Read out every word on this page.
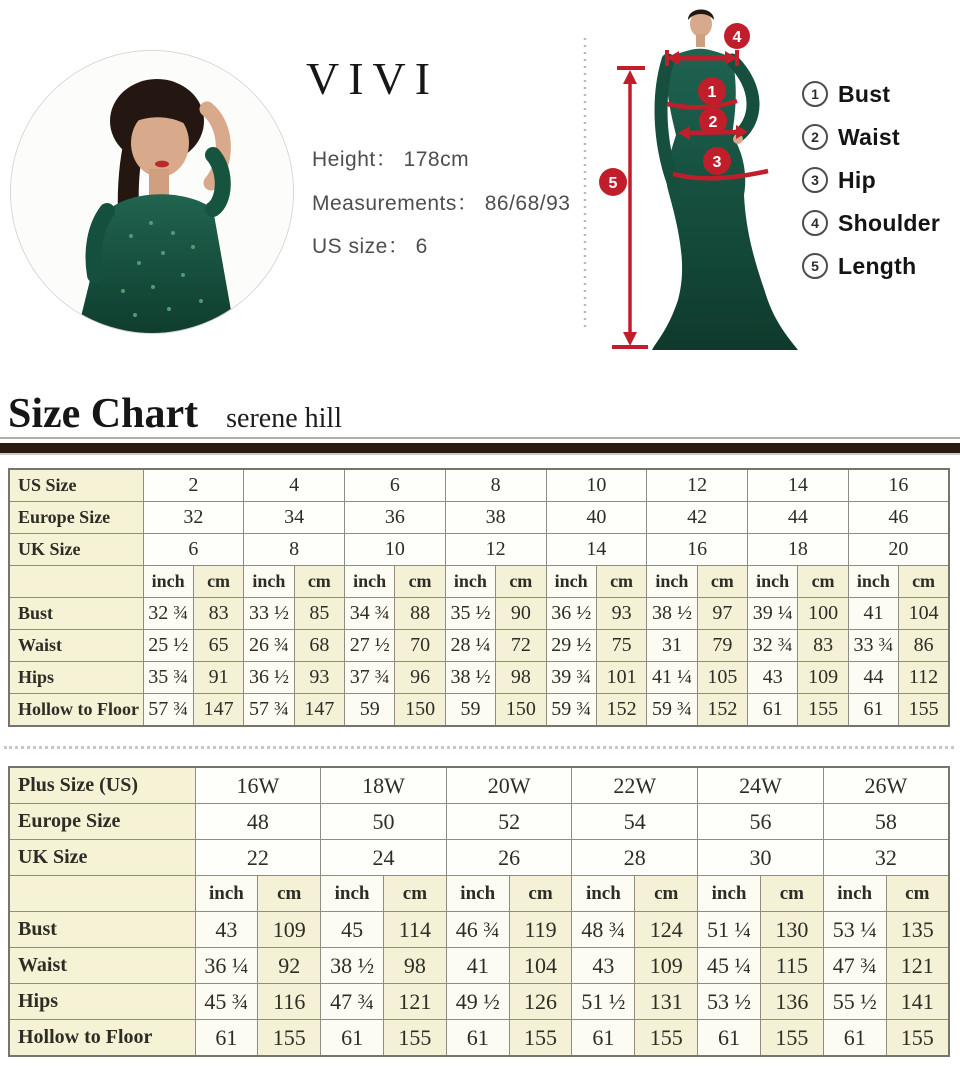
VIVI
Height： 178cm
Measurements： 86/68/93
US size： 6
1
2
3
4
5
1 Bust
2 Waist
3 Hip
4 Shoulder
5 Length
Size Chart serene hill
US Size	2		4		6		8		10		12		14		16	
Europe Size	32		34		36		38		40		42		44		46	
UK Size	6		8		10		12		14		16		18		20	
	inch	cm	inch	cm	inch	cm	inch	cm	inch	cm	inch	cm	inch	cm	inch	cm
Bust	32 ¾	83	33 ½	85	34 ¾	88	35 ½	90	36 ½	93	38 ½	97	39 ¼	100	41	104
Waist	25 ½	65	26 ¾	68	27 ½	70	28 ¼	72	29 ½	75	31	79	32 ¾	83	33 ¾	86
Hips	35 ¾	91	36 ½	93	37 ¾	96	38 ½	98	39 ¾	101	41 ¼	105	43	109	44	112
Hollow to Floor	57 ¾	147	57 ¾	147	59	150	59	150	59 ¾	152	59 ¾	152	61	155	61	155
Plus Size (US)	16W		18W		20W		22W		24W		26W	
Europe Size	48		50		52		54		56		58	
UK Size	22		24		26		28		30		32	
	inch	cm	inch	cm	inch	cm	inch	cm	inch	cm	inch	cm
Bust	43	109	45	114	46 ¾	119	48 ¾	124	51 ¼	130	53 ¼	135
Waist	36 ¼	92	38 ½	98	41	104	43	109	45 ¼	115	47 ¾	121
Hips	45 ¾	116	47 ¾	121	49 ½	126	51 ½	131	53 ½	136	55 ½	141
Hollow to Floor	61	155	61	155	61	155	61	155	61	155	61	155
